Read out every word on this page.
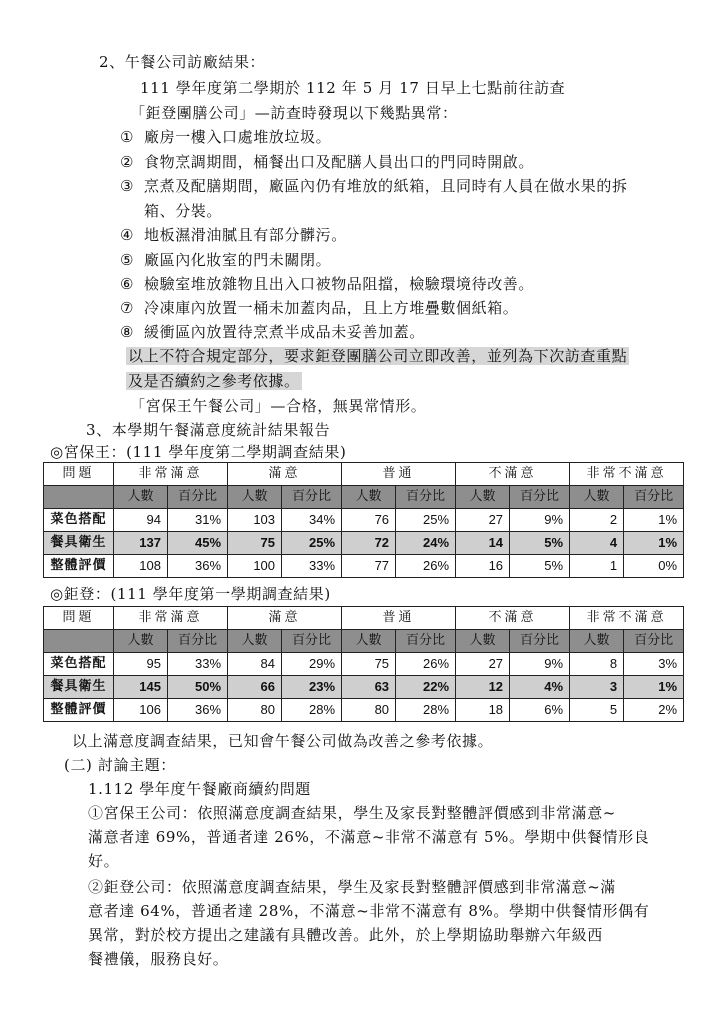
2、午餐公司訪廠結果：
111 學年度第二學期於 112 年 5 月 17 日早上七點前往訪查
「鉅登團膳公司」—訪查時發現以下幾點異常：
① 廠房一樓入口處堆放垃圾。
② 食物烹調期間，桶餐出口及配膳人員出口的門同時開啟。
③ 烹煮及配膳期間，廠區內仍有堆放的紙箱，且同時有人員在做水果的拆
箱、分裝。
④ 地板濕滑油膩且有部分髒污。
⑤ 廠區內化妝室的門未關閉。
⑥ 檢驗室堆放雜物且出入口被物品阻擋，檢驗環境待改善。
⑦ 冷凍庫內放置一桶未加蓋肉品，且上方堆疊數個紙箱。
⑧ 緩衝區內放置待烹煮半成品未妥善加蓋。
以上不符合規定部分，要求鉅登團膳公司立即改善，並列為下次訪查重點
及是否續約之參考依據。
「宮保王午餐公司」—合格，無異常情形。
3、本學期午餐滿意度統計結果報告
◎宮保王：(111 學年度第二學期調查結果)
問題	非常滿意		滿意		普通		不滿意		非常不滿意	
	人數	百分比	人數	百分比	人數	百分比	人數	百分比	人數	百分比
菜色搭配	94	31%	103	34%	76	25%	27	9%	2	1%
餐具衛生	137	45%	75	25%	72	24%	14	5%	4	1%
整體評價	108	36%	100	33%	77	26%	16	5%	1	0%
◎鉅登：(111 學年度第一學期調查結果)
問題	非常滿意		滿意		普通		不滿意		非常不滿意	
	人數	百分比	人數	百分比	人數	百分比	人數	百分比	人數	百分比
菜色搭配	95	33%	84	29%	75	26%	27	9%	8	3%
餐具衛生	145	50%	66	23%	63	22%	12	4%	3	1%
整體評價	106	36%	80	28%	80	28%	18	6%	5	2%
以上滿意度調查結果，已知會午餐公司做為改善之參考依據。
(二) 討論主題：
1.112 學年度午餐廠商續約問題
①宮保王公司：依照滿意度調查結果，學生及家長對整體評價感到非常滿意~
滿意者達 69%，普通者達 26%，不滿意~非常不滿意有 5%。學期中供餐情形良
好。
②鉅登公司：依照滿意度調查結果，學生及家長對整體評價感到非常滿意~滿
意者達 64%，普通者達 28%，不滿意~非常不滿意有 8%。學期中供餐情形偶有
異常，對於校方提出之建議有具體改善。此外，於上學期協助舉辦六年級西
餐禮儀，服務良好。
